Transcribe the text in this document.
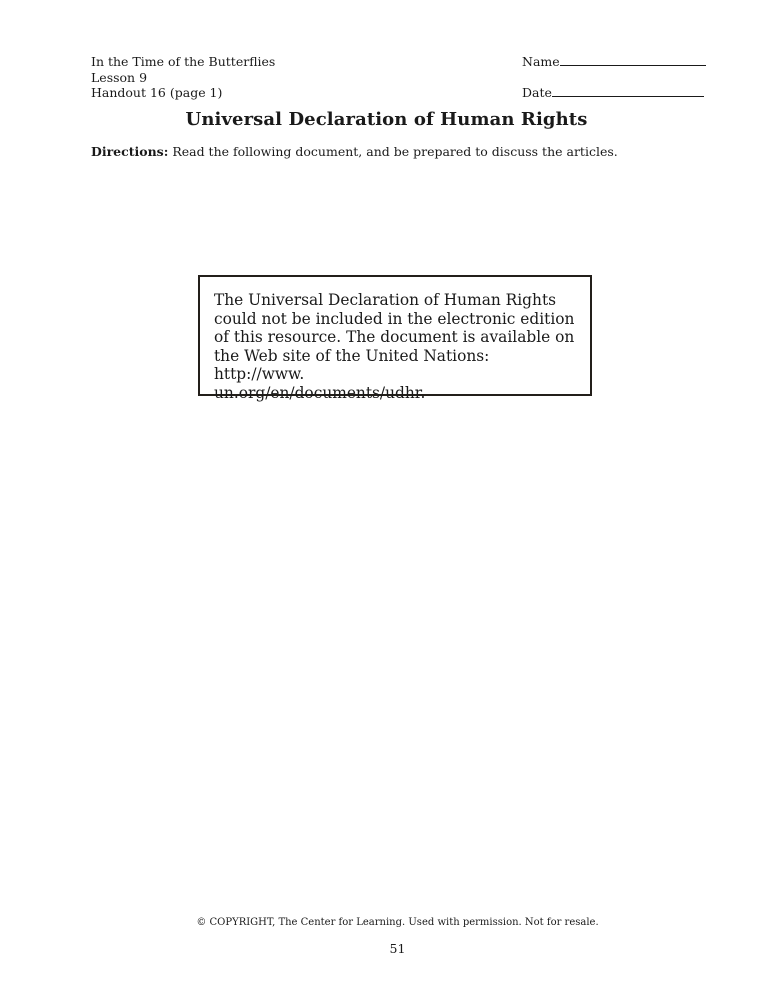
In the Time of the Butterflies
Lesson 9
Handout 16 (page 1)
Name
Date
Universal Declaration of Human Rights
Directions: Read the following document, and be prepared to discuss the articles.
The Universal Declaration of Human Rights
could not be included in the electronic edition
of this resource. The document is available on
the Web site of the United Nations: http://www.
un.org/en/documents/udhr.
© COPYRIGHT, The Center for Learning. Used with permission. Not for resale.
51
